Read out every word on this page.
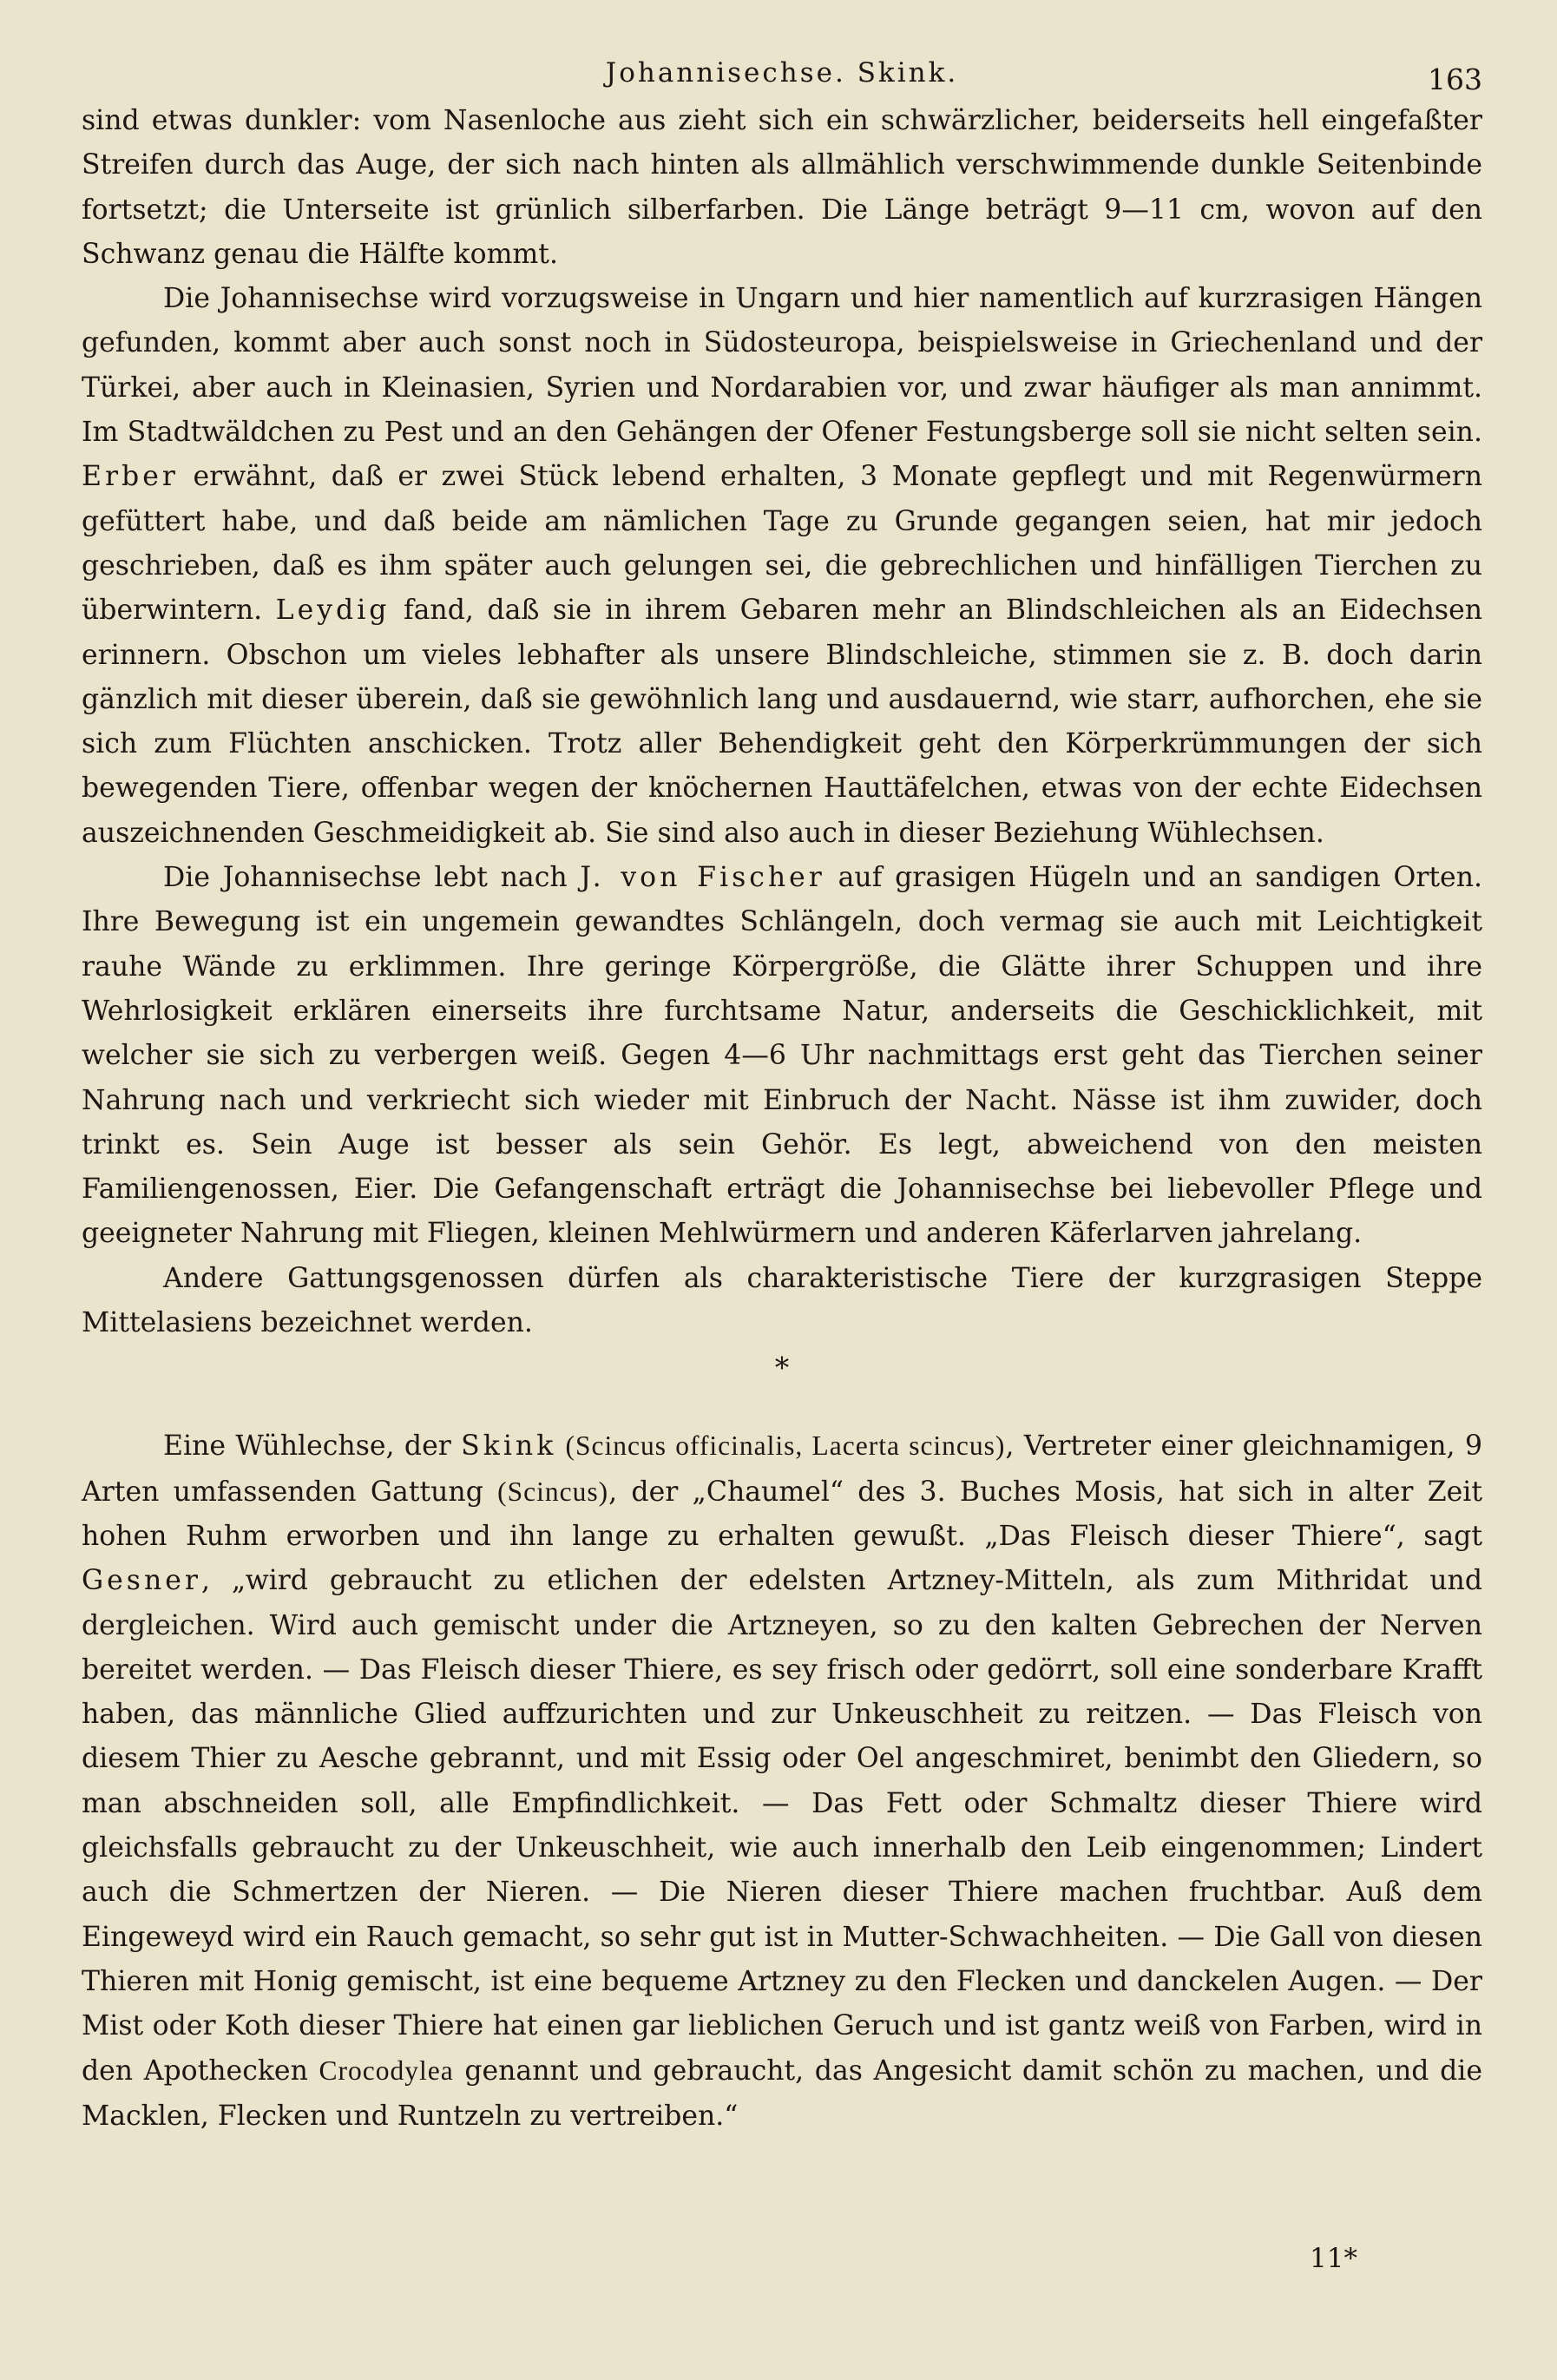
Johannisechse. Skink.	163

sind etwas dunkler: vom Nasenloche aus zieht sich ein schwärzlicher, beiderseits hell eingefaßter Streifen durch das Auge, der sich nach hinten als allmählich verschwimmende dunkle Seitenbinde fortsetzt; die Unterseite ist grünlich silberfarben. Die Länge beträgt 9—11 cm, wovon auf den Schwanz genau die Hälfte kommt.

Die Johannisechse wird vorzugsweise in Ungarn und hier namentlich auf kurzrasigen Hängen gefunden, kommt aber auch sonst noch in Südosteuropa, beispielsweise in Griechenland und der Türkei, aber auch in Kleinasien, Syrien und Nordarabien vor, und zwar häufiger als man annimmt. Im Stadtwäldchen zu Pest und an den Gehängen der Ofener Festungsberge soll sie nicht selten sein. Erber erwähnt, daß er zwei Stück lebend erhalten, 3 Monate gepflegt und mit Regenwürmern gefüttert habe, und daß beide am nämlichen Tage zu Grunde gegangen seien, hat mir jedoch geschrieben, daß es ihm später auch gelungen sei, die gebrechlichen und hinfälligen Tierchen zu überwintern. Leydig fand, daß sie in ihrem Gebaren mehr an Blindschleichen als an Eidechsen erinnern. Obschon um vieles lebhafter als unsere Blindschleiche, stimmen sie z. B. doch darin gänzlich mit dieser überein, daß sie gewöhnlich lang und ausdauernd, wie starr, aufhorchen, ehe sie sich zum Flüchten anschicken. Trotz aller Behendigkeit geht den Körperkrümmungen der sich bewegenden Tiere, offenbar wegen der knöchernen Hauttäfelchen, etwas von der echte Eidechsen auszeichnenden Geschmeidigkeit ab. Sie sind also auch in dieser Beziehung Wühlechsen.

Die Johannisechse lebt nach J. von Fischer auf grasigen Hügeln und an sandigen Orten. Ihre Bewegung ist ein ungemein gewandtes Schlängeln, doch vermag sie auch mit Leichtigkeit rauhe Wände zu erklimmen. Ihre geringe Körpergröße, die Glätte ihrer Schuppen und ihre Wehrlosigkeit erklären einerseits ihre furchtsame Natur, anderseits die Geschicklichkeit, mit welcher sie sich zu verbergen weiß. Gegen 4—6 Uhr nachmittags erst geht das Tierchen seiner Nahrung nach und verkriecht sich wieder mit Einbruch der Nacht. Nässe ist ihm zuwider, doch trinkt es. Sein Auge ist besser als sein Gehör. Es legt, abweichend von den meisten Familiengenossen, Eier. Die Gefangenschaft erträgt die Johannisechse bei liebevoller Pflege und geeigneter Nahrung mit Fliegen, kleinen Mehlwürmern und anderen Käferlarven jahrelang.

Andere Gattungsgenossen dürfen als charakteristische Tiere der kurzgrasigen Steppe Mittelasiens bezeichnet werden.

*

Eine Wühlechse, der Skink (Scincus officinalis, Lacerta scincus), Vertreter einer gleichnamigen, 9 Arten umfassenden Gattung (Scincus), der „Chaumel“ des 3. Buches Mosis, hat sich in alter Zeit hohen Ruhm erworben und ihn lange zu erhalten gewußt. „Das Fleisch dieser Thiere“, sagt Gesner, „wird gebraucht zu etlichen der edelsten Artzney-Mitteln, als zum Mithridat und dergleichen. Wird auch gemischt under die Artzneyen, so zu den kalten Gebrechen der Nerven bereitet werden. — Das Fleisch dieser Thiere, es sey frisch oder gedörrt, soll eine sonderbare Krafft haben, das männliche Glied auffzurichten und zur Unkeuschheit zu reitzen. — Das Fleisch von diesem Thier zu Aesche gebrannt, und mit Essig oder Oel angeschmiret, benimbt den Gliedern, so man abschneiden soll, alle Empfindlichkeit. — Das Fett oder Schmaltz dieser Thiere wird gleichsfalls gebraucht zu der Unkeuschheit, wie auch innerhalb den Leib eingenommen; Lindert auch die Schmertzen der Nieren. — Die Nieren dieser Thiere machen fruchtbar. Auß dem Eingeweyd wird ein Rauch gemacht, so sehr gut ist in Mutter-Schwachheiten. — Die Gall von diesen Thieren mit Honig gemischt, ist eine bequeme Artzney zu den Flecken und danckelen Augen. — Der Mist oder Koth dieser Thiere hat einen gar lieblichen Geruch und ist gantz weiß von Farben, wird in den Apothecken Crocodylea genannt und gebraucht, das Angesicht damit schön zu machen, und die Macklen, Flecken und Runtzeln zu vertreiben.“

11*
